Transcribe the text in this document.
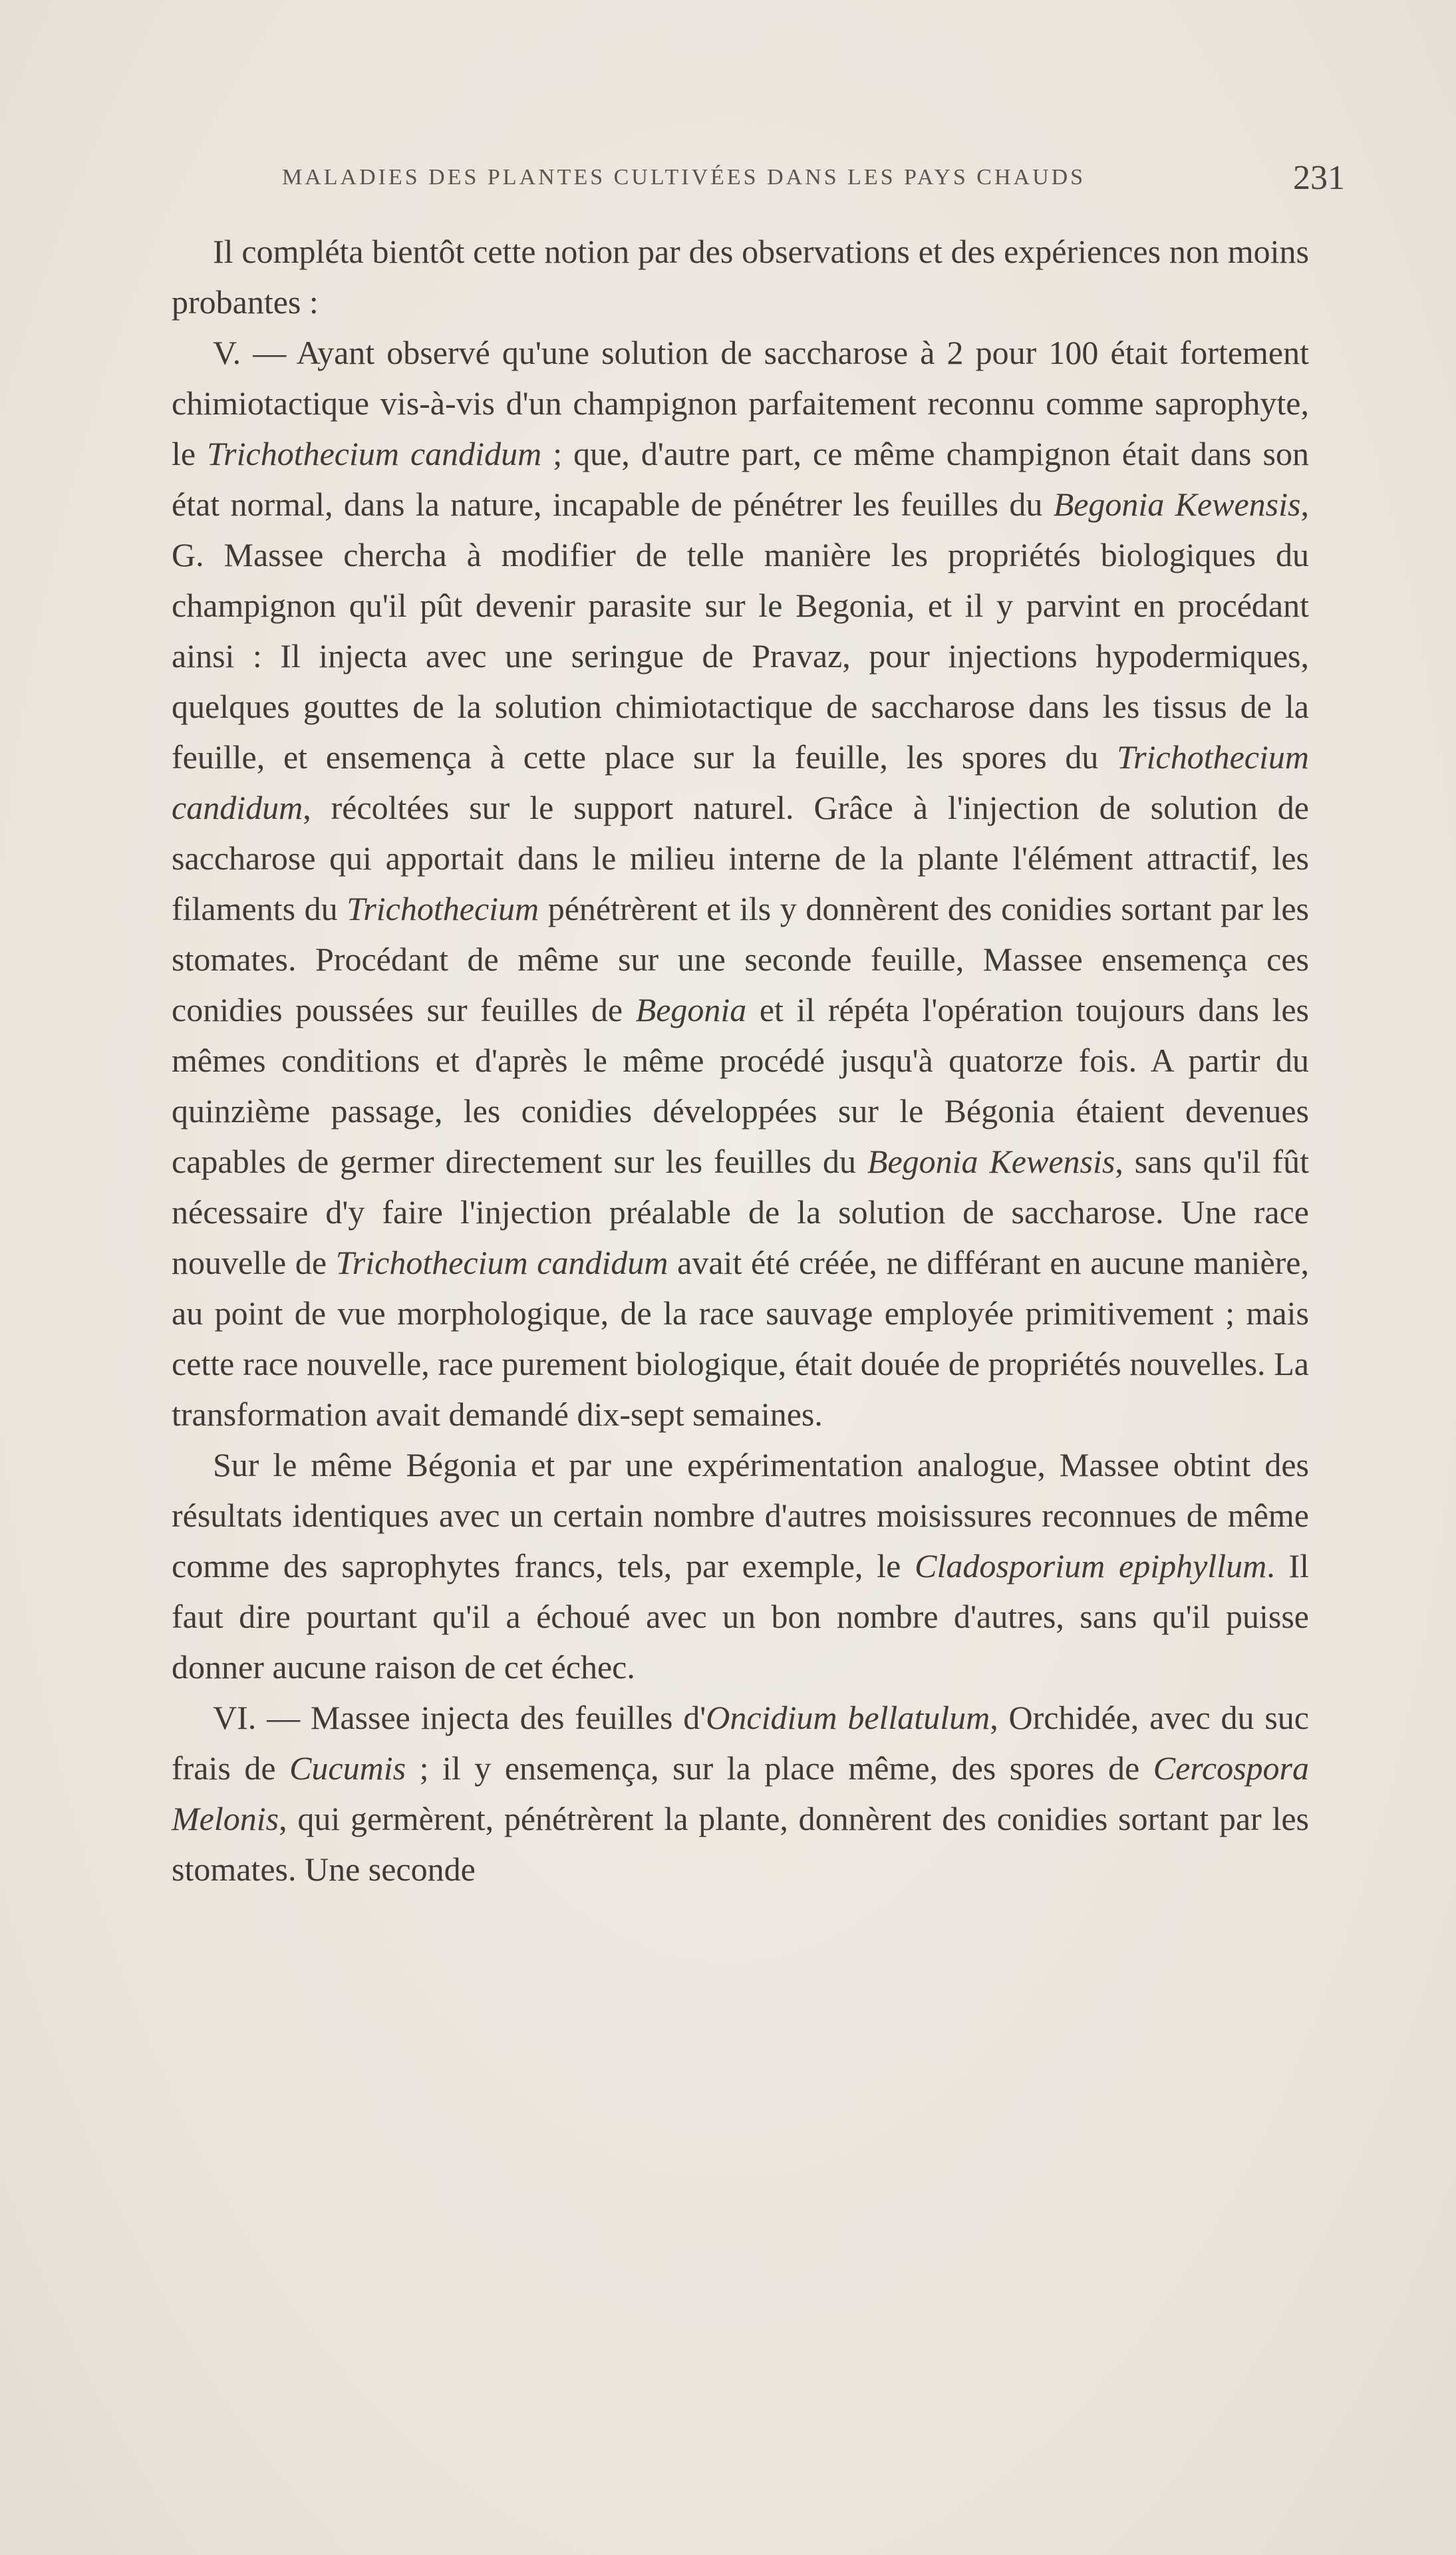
MALADIES DES PLANTES CULTIVÉES DANS LES PAYS CHAUDS	231

Il compléta bientôt cette notion par des observations et des expériences non moins probantes :

V. — Ayant observé qu'une solution de saccharose à 2 pour 100 était fortement chimiotactique vis-à-vis d'un champignon parfaitement reconnu comme saprophyte, le Trichothecium candidum ; que, d'autre part, ce même champignon était dans son état normal, dans la nature, incapable de pénétrer les feuilles du Begonia Kewensis, G. Massee chercha à modifier de telle manière les propriétés biologiques du champignon qu'il pût devenir parasite sur le Begonia, et il y parvint en procédant ainsi : Il injecta avec une seringue de Pravaz, pour injections hypodermiques, quelques gouttes de la solution chimiotactique de saccharose dans les tissus de la feuille, et ensemença à cette place sur la feuille, les spores du Trichothecium candidum, récoltées sur le support naturel. Grâce à l'injection de solution de saccharose qui apportait dans le milieu interne de la plante l'élément attractif, les filaments du Trichothecium pénétrèrent et ils y donnèrent des conidies sortant par les stomates. Procédant de même sur une seconde feuille, Massee ensemença ces conidies poussées sur feuilles de Begonia et il répéta l'opération toujours dans les mêmes conditions et d'après le même procédé jusqu'à quatorze fois. A partir du quinzième passage, les conidies développées sur le Bégonia étaient devenues capables de germer directement sur les feuilles du Begonia Kewensis, sans qu'il fût nécessaire d'y faire l'injection préalable de la solution de saccharose. Une race nouvelle de Trichothecium candidum avait été créée, ne différant en aucune manière, au point de vue morphologique, de la race sauvage employée primitivement ; mais cette race nouvelle, race purement biologique, était douée de propriétés nouvelles. La transformation avait demandé dix-sept semaines.

Sur le même Bégonia et par une expérimentation analogue, Massee obtint des résultats identiques avec un certain nombre d'autres moisissures reconnues de même comme des saprophytes francs, tels, par exemple, le Cladosporium epiphyllum. Il faut dire pourtant qu'il a échoué avec un bon nombre d'autres, sans qu'il puisse donner aucune raison de cet échec.

VI. — Massee injecta des feuilles d'Oncidium bellatulum, Orchidée, avec du suc frais de Cucumis ; il y ensemença, sur la place même, des spores de Cercospora Melonis, qui germèrent, pénétrèrent la plante, donnèrent des conidies sortant par les stomates. Une seconde
